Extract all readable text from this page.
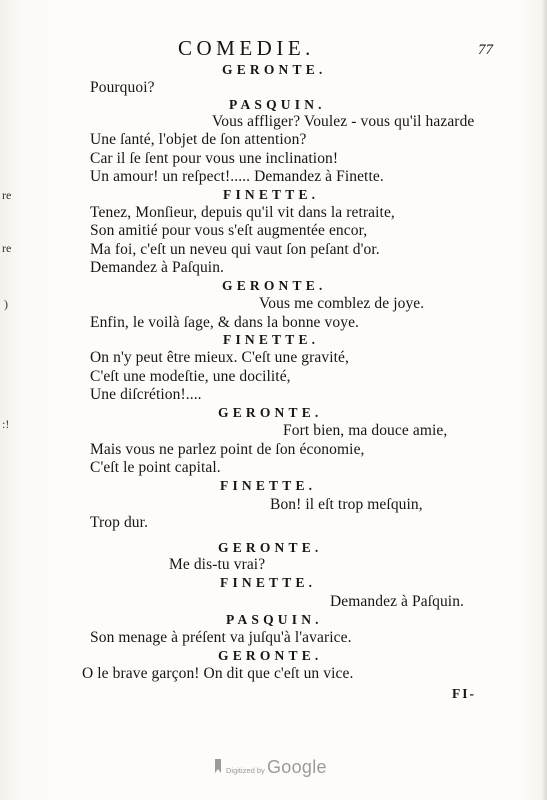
COMEDIE.	77
re
re
)
:!
GERONTE.
Pourquoi?
PASQUIN.
Vous affliger? Voulez - vous qu'il hazarde
Une ſanté, l'objet de ſon attention?
Car il ſe ſent pour vous une inclination!
Un amour! un reſpect!..... Demandez à Finette.
FINETTE.
Tenez, Monſieur, depuis qu'il vit dans la retraite,
Son amitié pour vous s'eſt augmentée encor,
Ma foi, c'eſt un neveu qui vaut ſon peſant d'or.
Demandez à Paſquin.
GERONTE.
Vous me comblez de joye.
Enfin, le voilà ſage, & dans la bonne voye.
FINETTE.
On n'y peut être mieux. C'eſt une gravité,
C'eſt une modeſtie, une docilité,
Une diſcrétion!....
GERONTE.
Fort bien, ma douce amie,
Mais vous ne parlez point de ſon économie,
C'eſt le point capital.
FINETTE.
Bon! il eſt trop meſquin,
Trop dur.
GERONTE.
Me dis-tu vrai?
FINETTE.
Demandez à Paſquin.
PASQUIN.
Son menage à préſent va juſqu'à l'avarice.
GERONTE.
O le brave garçon! On dit que c'eſt un vice.
FI-
Digitized by Google
